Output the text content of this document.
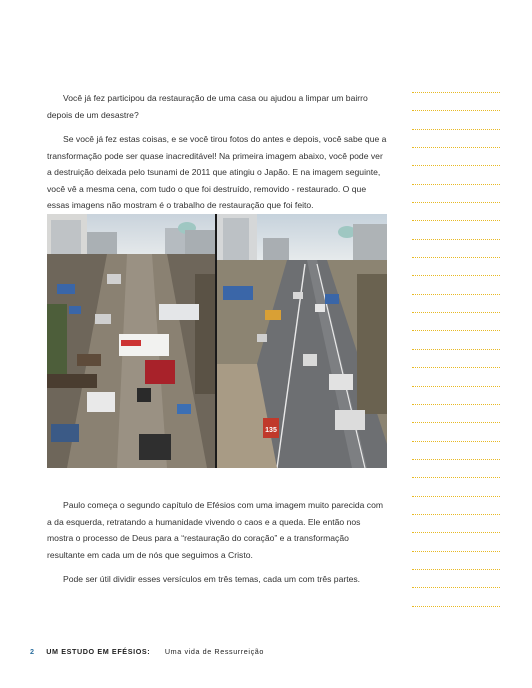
Você já fez participou da restauração de uma casa ou ajudou a limpar um bairro depois de um desastre?

Se você já fez estas coisas, e se você tirou fotos do antes e depois, você sabe que a transformação pode ser quase inacreditável! Na primeira imagem abaixo, você pode ver a destruição deixada pelo tsunami de 2011 que atingiu o Japão. E na imagem seguinte, você vê a mesma cena, com tudo o que foi destruído, removido - restaurado. O que essas imagens não mostram é o trabalho de restauração que foi feito.

135

Paulo começa o segundo capítulo de Efésios com uma imagem muito parecida com a da esquerda, retratando a humanidade vivendo o caos e a queda. Ele então nos mostra o processo de Deus para a “restauração do coração” e a transformação resultante em cada um de nós que seguimos a Cristo.

Pode ser útil dividir esses versículos em três temas, cada um com três partes.

2 UM ESTUDO EM EFÉSIOS: Uma vida de Ressurreição
